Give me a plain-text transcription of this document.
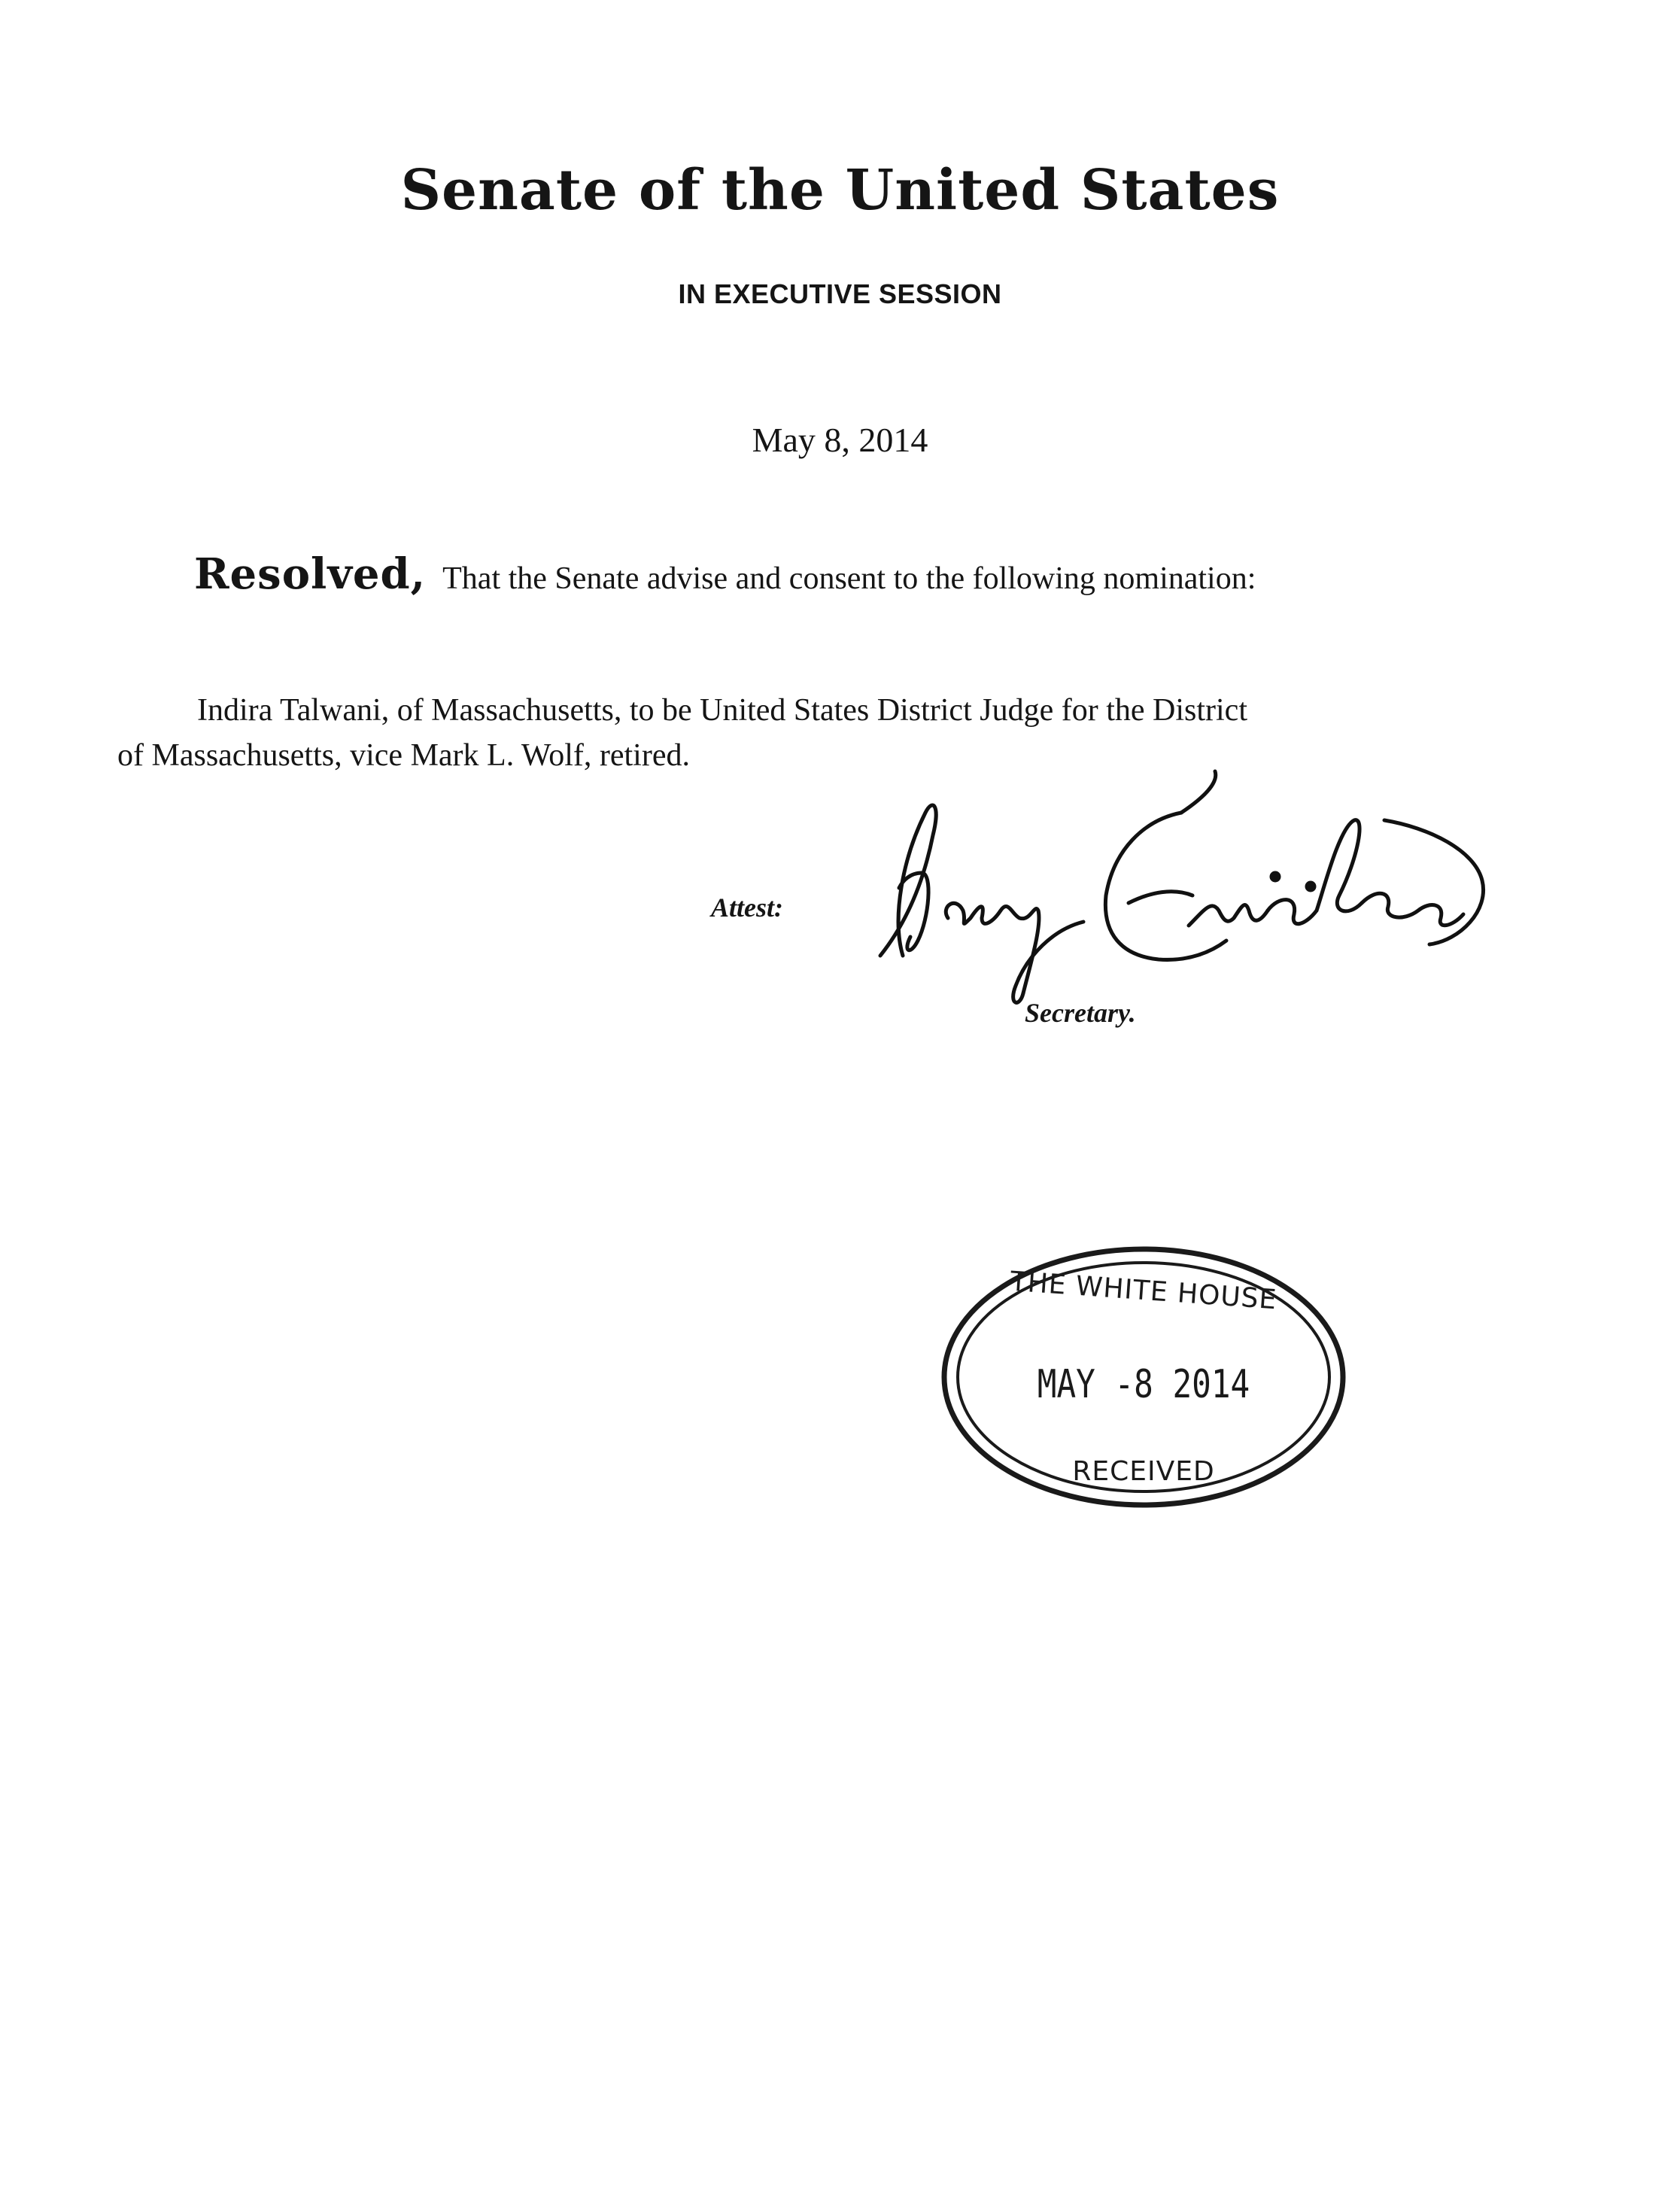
Senate of the United States
IN EXECUTIVE SESSION
May 8, 2014
Resolved, That the Senate advise and consent to the following nomination:
Indira Talwani, of Massachusetts, to be United States District Judge for the District
of Massachusetts, vice Mark L. Wolf, retired.
Attest:
Secretary.
THE WHITE HOUSE
MAY -8 2014
RECEIVED
